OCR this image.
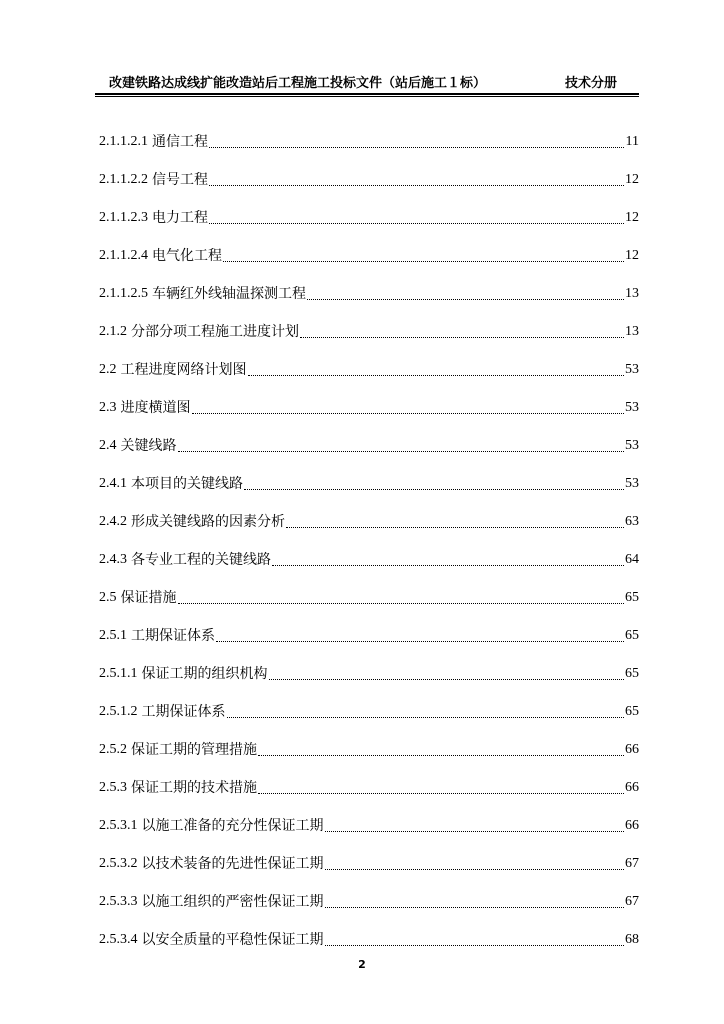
改建铁路达成线扩能改造站后工程施工投标文件（站后施工１标）	技术分册
2.1.1.2.1 通信工程	11
2.1.1.2.2 信号工程	12
2.1.1.2.3 电力工程	12
2.1.1.2.4 电气化工程	12
2.1.1.2.5 车辆红外线轴温探测工程	13
2.1.2 分部分项工程施工进度计划	13
2.2 工程进度网络计划图	53
2.3 进度横道图	53
2.4 关键线路	53
2.4.1 本项目的关键线路	53
2.4.2 形成关键线路的因素分析	63
2.4.3 各专业工程的关键线路	64
2.5 保证措施	65
2.5.1 工期保证体系	65
2.5.1.1 保证工期的组织机构	65
2.5.1.2 工期保证体系	65
2.5.2 保证工期的管理措施	66
2.5.3 保证工期的技术措施	66
2.5.3.1 以施工准备的充分性保证工期	66
2.5.3.2 以技术装备的先进性保证工期	67
2.5.3.3 以施工组织的严密性保证工期	67
2.5.3.4 以安全质量的平稳性保证工期	68
2
